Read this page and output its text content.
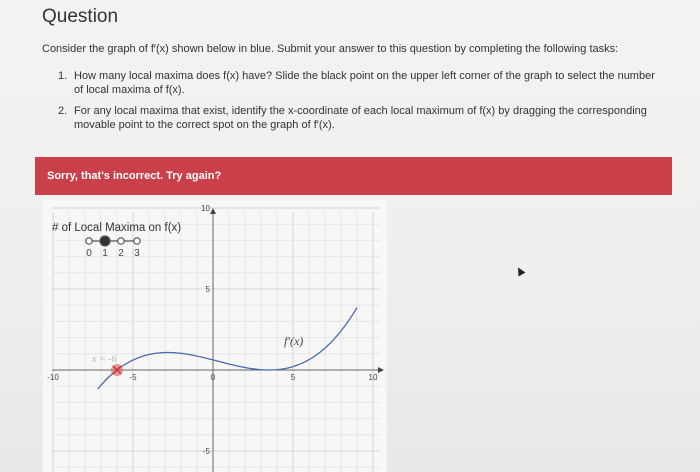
Question
Consider the graph of f′(x) shown below in blue. Submit your answer to this question by completing the following tasks:
1. How many local maxima does f(x) have? Slide the black point on the upper left corner of the graph to select the number of local maxima of f(x).
2. For any local maxima that exist, identify the x-coordinate of each local maximum of f(x) by dragging the corresponding movable point to the correct spot on the graph of f′(x).
Sorry, that's incorrect. Try again?
-10	-5	0	5	10
10
5
-5
f′(x)
x = -6
# of Local Maxima on f(x)
0	1	2	3
